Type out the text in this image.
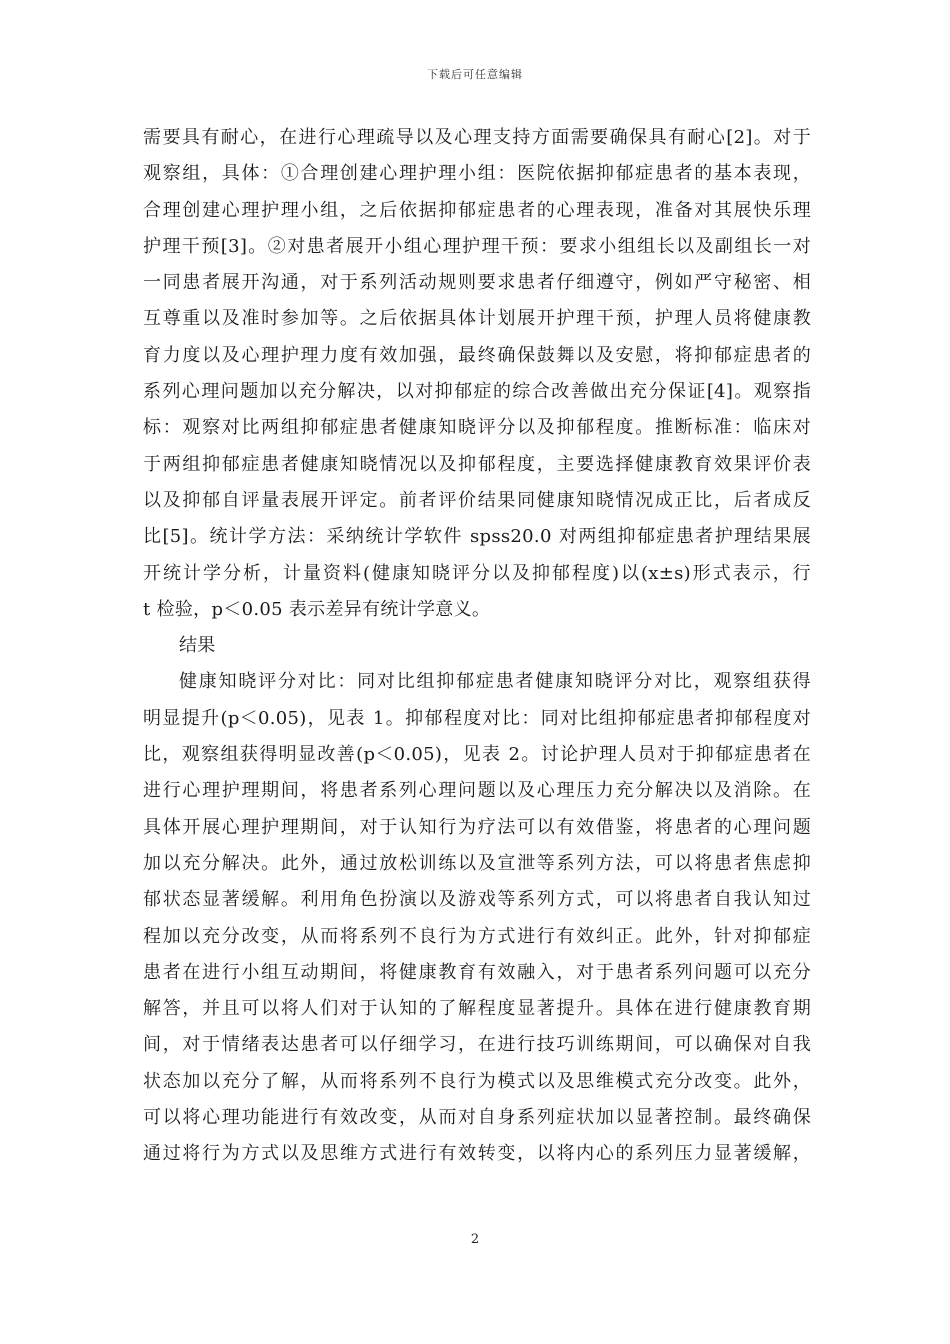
下载后可任意编辑
需要具有耐心，在进行心理疏导以及心理支持方面需要确保具有耐心[2]。对于
观察组，具体：①合理创建心理护理小组：医院依据抑郁症患者的基本表现，
合理创建心理护理小组，之后依据抑郁症患者的心理表现，准备对其展快乐理
护理干预[3]。②对患者展开小组心理护理干预：要求小组组长以及副组长一对
一同患者展开沟通，对于系列活动规则要求患者仔细遵守，例如严守秘密、相
互尊重以及准时参加等。之后依据具体计划展开护理干预，护理人员将健康教
育力度以及心理护理力度有效加强，最终确保鼓舞以及安慰，将抑郁症患者的
系列心理问题加以充分解决，以对抑郁症的综合改善做出充分保证[4]。观察指
标：观察对比两组抑郁症患者健康知晓评分以及抑郁程度。推断标准：临床对
于两组抑郁症患者健康知晓情况以及抑郁程度，主要选择健康教育效果评价表
以及抑郁自评量表展开评定。前者评价结果同健康知晓情况成正比，后者成反
比[5]。统计学方法：采纳统计学软件 spss20.0 对两组抑郁症患者护理结果展
开统计学分析，计量资料(健康知晓评分以及抑郁程度)以(x±s)形式表示，行
t 检验，p＜0.05 表示差异有统计学意义。
结果
健康知晓评分对比：同对比组抑郁症患者健康知晓评分对比，观察组获得
明显提升(p＜0.05)，见表 1。抑郁程度对比：同对比组抑郁症患者抑郁程度对
比，观察组获得明显改善(p＜0.05)，见表 2。讨论护理人员对于抑郁症患者在
进行心理护理期间，将患者系列心理问题以及心理压力充分解决以及消除。在
具体开展心理护理期间，对于认知行为疗法可以有效借鉴，将患者的心理问题
加以充分解决。此外，通过放松训练以及宣泄等系列方法，可以将患者焦虑抑
郁状态显著缓解。利用角色扮演以及游戏等系列方式，可以将患者自我认知过
程加以充分改变，从而将系列不良行为方式进行有效纠正。此外，针对抑郁症
患者在进行小组互动期间，将健康教育有效融入，对于患者系列问题可以充分
解答，并且可以将人们对于认知的了解程度显著提升。具体在进行健康教育期
间，对于情绪表达患者可以仔细学习，在进行技巧训练期间，可以确保对自我
状态加以充分了解，从而将系列不良行为模式以及思维模式充分改变。此外，
可以将心理功能进行有效改变，从而对自身系列症状加以显著控制。最终确保
通过将行为方式以及思维方式进行有效转变，以将内心的系列压力显著缓解，
2
